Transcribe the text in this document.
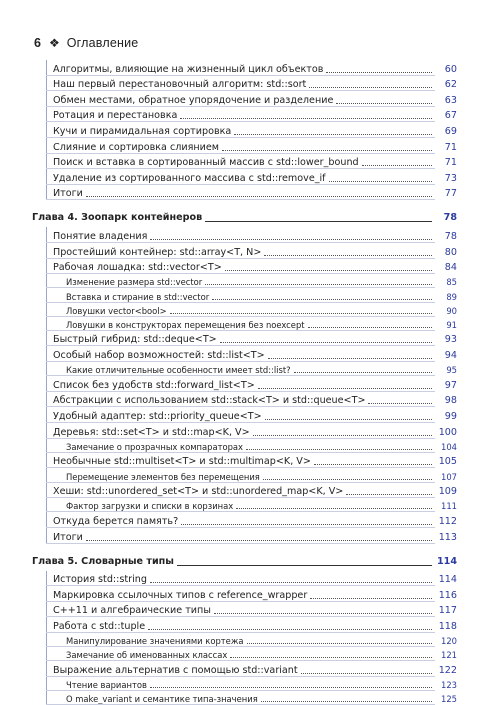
6 ❖ Оглавление
Алгоритмы, влияющие на жизненный цикл объектов	60
Наш первый перестановочный алгоритм: std::sort	62
Обмен местами, обратное упорядочение и разделение	63
Ротация и перестановка	67
Кучи и пирамидальная сортировка	69
Слияние и сортировка слиянием	71
Поиск и вставка в сортированный массив с std::lower_bound	71
Удаление из сортированного массива с std::remove_if	73
Итоги	77
Глава 4. Зоопарк контейнеров	78
Понятие владения	78
Простейший контейнер: std::array<T, N>	80
Рабочая лошадка: std::vector<T>	84
Изменение размера std::vector	85
Вставка и стирание в std::vector	89
Ловушки vector<bool>	90
Ловушки в конструкторах перемещения без noexcept	91
Быстрый гибрид: std::deque<T>	93
Особый набор возможностей: std::list<T>	94
Какие отличительные особенности имеет std::list?	95
Список без удобств std::forward_list<T>	97
Абстракции с использованием std::stack<T> и std::queue<T>	98
Удобный адаптер: std::priority_queue<T>	99
Деревья: std::set<T> и std::map<K, V>	100
Замечание о прозрачных компараторах	104
Необычные std::multiset<T> и std::multimap<K, V>	105
Перемещение элементов без перемещения	107
Хеши: std::unordered_set<T> и std::unordered_map<K, V>	109
Фактор загрузки и списки в корзинах	111
Откуда берется память?	112
Итоги	113
Глава 5. Словарные типы	114
История std::string	114
Маркировка ссылочных типов с reference_wrapper	116
C++11 и алгебраические типы	117
Работа с std::tuple	118
Манипулирование значениями кортежа	120
Замечание об именованных классах	121
Выражение альтернатив с помощью std::variant	122
Чтение вариантов	123
О make_variant и семантике типа-значения	125
